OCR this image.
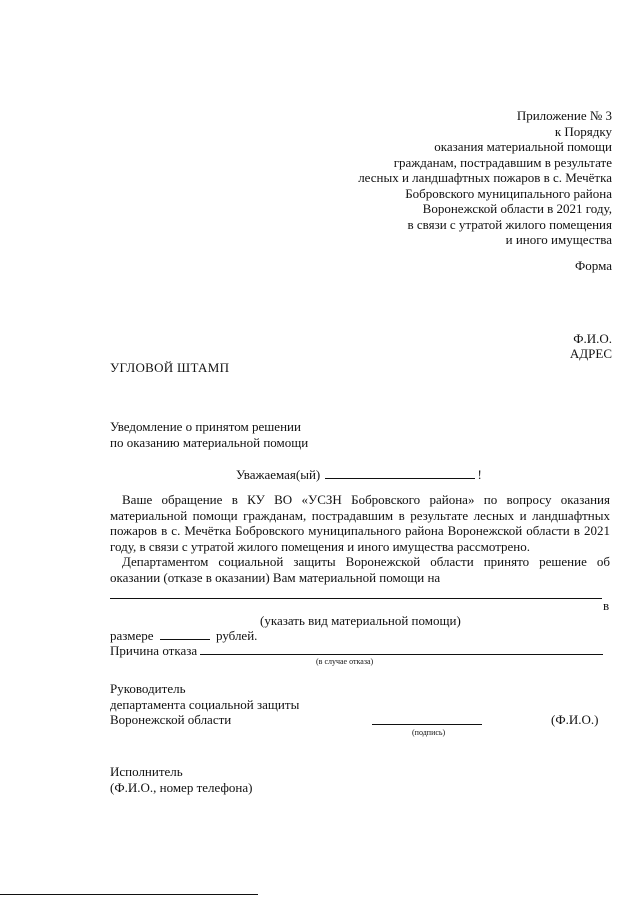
Приложение № 3
к Порядку
оказания материальной помощи
гражданам, пострадавшим в результате
лесных и ландшафтных пожаров в с. Мечётка
Бобровского муниципального района
Воронежской области в 2021 году,
в связи с утратой жилого помещения
и иного имущества
Форма
Ф.И.О.
АДРЕС
УГЛОВОЙ ШТАМП
Уведомление о принятом решении
по оказанию материальной помощи
Уважаемая(ый)	!

Ваше обращение в КУ ВО «УСЗН Бобровского района» по вопросу оказания материальной помощи гражданам, пострадавшим в результате лесных и ландшафтных пожаров в с. Мечётка Бобровского муниципального района Воронежской области в 2021 году, в связи с утратой жилого помещения и иного имущества рассмотрено.

Департаментом социальной защиты Воронежской области принято решение об оказании (отказе в оказании) Вам материальной помощи на

в
(указать вид материальной помощи)
размере	рублей.
Причина отказа
(в случае отказа)
Руководитель
департамента социальной защиты
Воронежской области
(подпись)
(Ф.И.О.)
Исполнитель
(Ф.И.О., номер телефона)
